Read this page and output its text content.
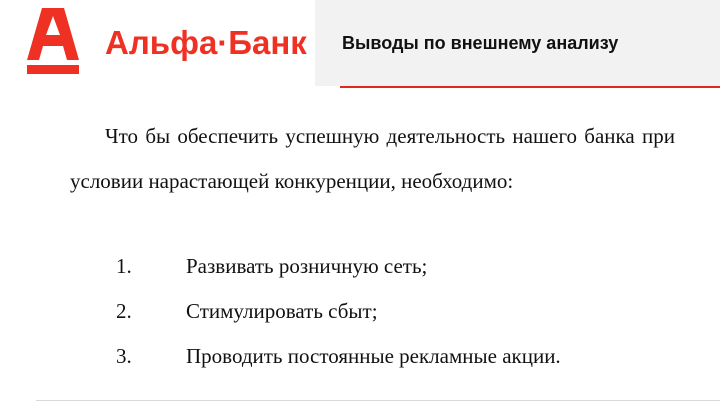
Альфа·Банк Выводы по внешнему анализу
Что бы обеспечить успешную деятельность нашего банка при условии нарастающей конкуренции, необходимо:
1.	Развивать розничную сеть;
2.	Стимулировать сбыт;
3.	Проводить постоянные рекламные акции.
